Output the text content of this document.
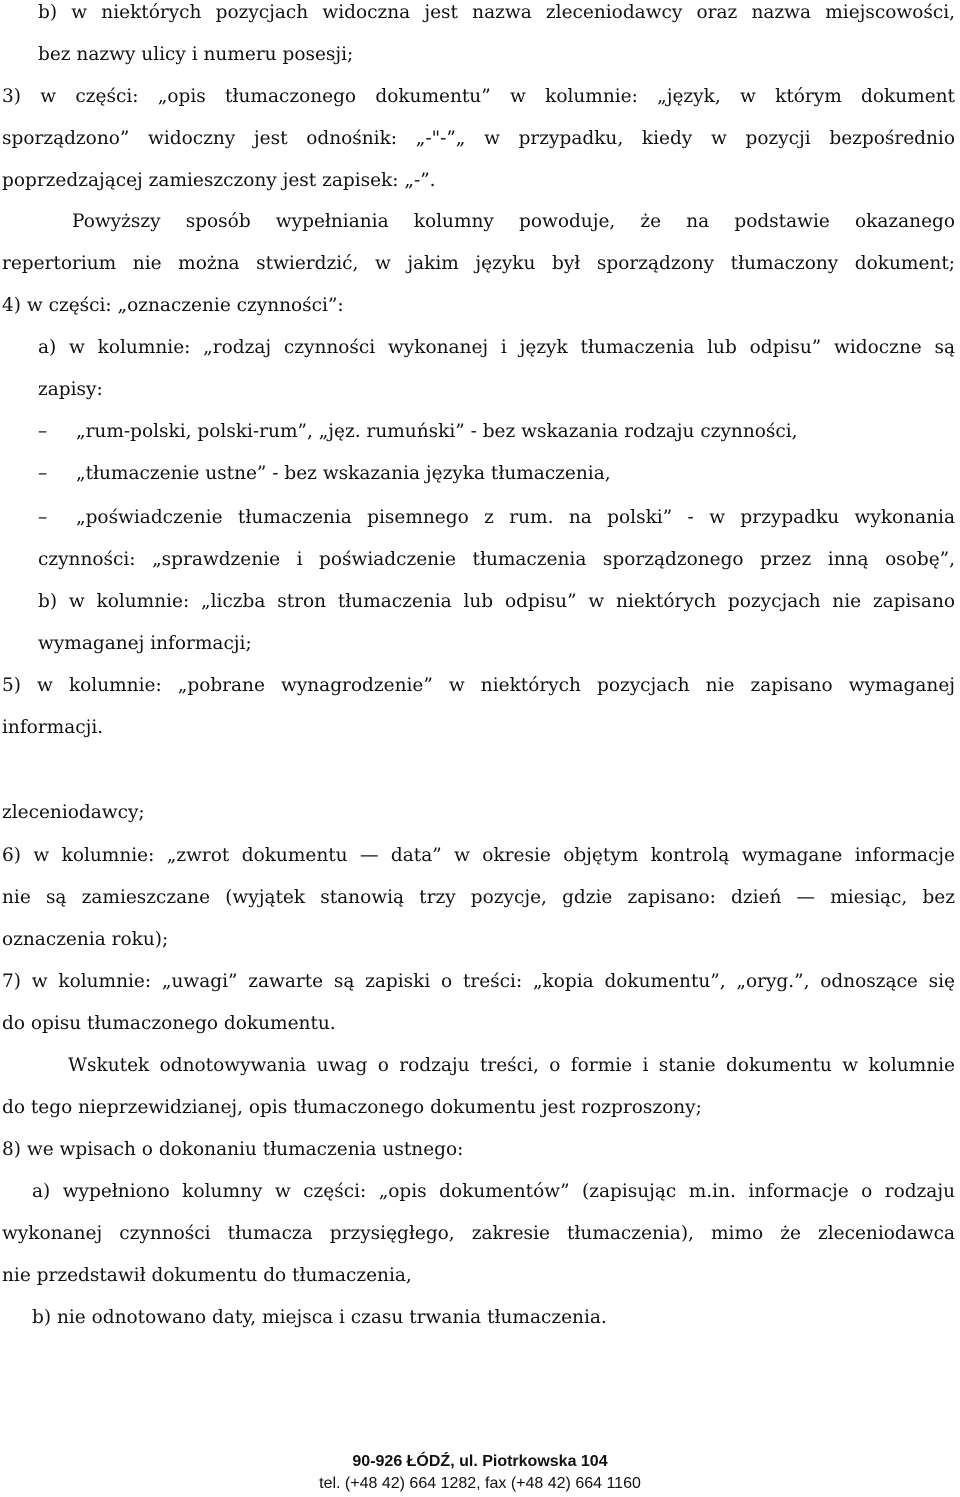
b) w niektórych pozycjach widoczna jest nazwa zleceniodawcy oraz nazwa miejscowości,
bez nazwy ulicy i numeru posesji;
3) w części: „opis tłumaczonego dokumentu” w kolumnie: „język, w którym dokument
sporządzono” widoczny jest odnośnik: „-"-”„ w przypadku, kiedy w pozycji bezpośrednio
poprzedzającej zamieszczony jest zapisek: „-”.
Powyższy sposób wypełniania kolumny powoduje, że na podstawie okazanego
repertorium nie można stwierdzić, w jakim języku był sporządzony tłumaczony dokument;
4) w części: „oznaczenie czynności”:
a) w kolumnie: „rodzaj czynności wykonanej i język tłumaczenia lub odpisu” widoczne są
zapisy:
– „rum-polski, polski-rum”, „jęz. rumuński” - bez wskazania rodzaju czynności,
– „tłumaczenie ustne” - bez wskazania języka tłumaczenia,
– „poświadczenie tłumaczenia pisemnego z rum. na polski” - w przypadku wykonania
czynności: „sprawdzenie i poświadczenie tłumaczenia sporządzonego przez inną osobę”,
b) w kolumnie: „liczba stron tłumaczenia lub odpisu” w niektórych pozycjach nie zapisano
wymaganej informacji;
5) w kolumnie: „pobrane wynagrodzenie” w niektórych pozycjach nie zapisano wymaganej
informacji.
zleceniodawcy;
6) w kolumnie: „zwrot dokumentu — data” w okresie objętym kontrolą wymagane informacje
nie są zamieszczane (wyjątek stanowią trzy pozycje, gdzie zapisano: dzień — miesiąc, bez
oznaczenia roku);
7) w kolumnie: „uwagi” zawarte są zapiski o treści: „kopia dokumentu”, „oryg.”, odnoszące się
do opisu tłumaczonego dokumentu.
Wskutek odnotowywania uwag o rodzaju treści, o formie i stanie dokumentu w kolumnie
do tego nieprzewidzianej, opis tłumaczonego dokumentu jest rozproszony;
8) we wpisach o dokonaniu tłumaczenia ustnego:
a) wypełniono kolumny w części: „opis dokumentów” (zapisując m.in. informacje o rodzaju
wykonanej czynności tłumacza przysięgłego, zakresie tłumaczenia), mimo że zleceniodawca
nie przedstawił dokumentu do tłumaczenia,
b) nie odnotowano daty, miejsca i czasu trwania tłumaczenia.
90-926 ŁÓDŹ, ul. Piotrkowska 104
tel. (+48 42) 664 1282, fax (+48 42) 664 1160
